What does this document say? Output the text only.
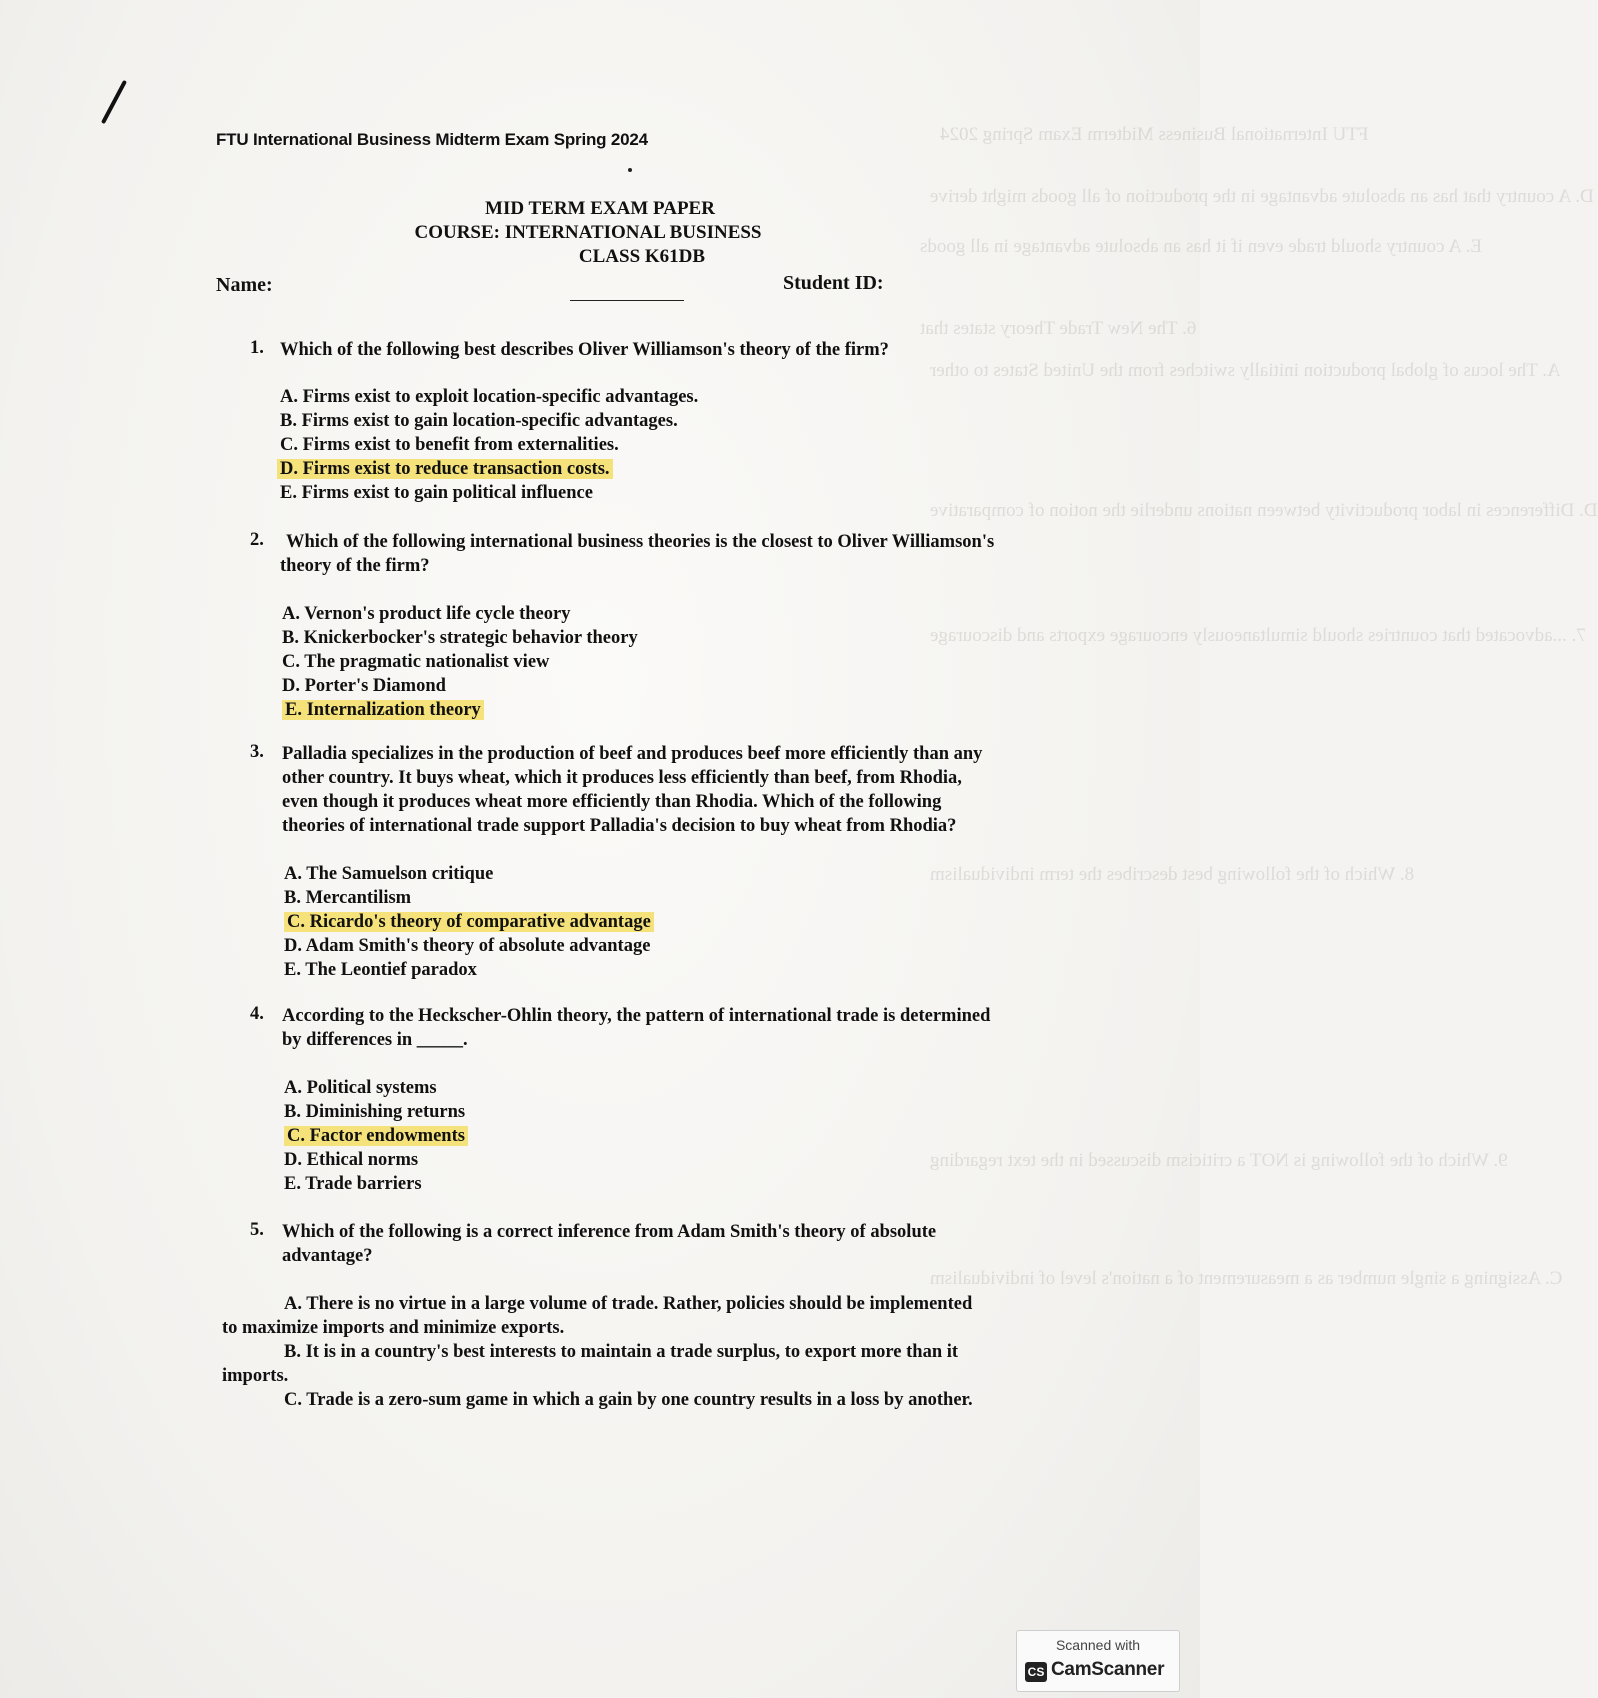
FTU International Business Midterm Exam Spring 2024
D. A country that has an absolute advantage in the production of all goods might derive
E. A country should trade even if it has an absolute advantage in all goods
6. The New Trade Theory states that
A. The locus of global production initially switches from the United States to other
D. Differences in labor productivity between nations underlie the notion of comparative
7. ...advocated that countries should simultaneously encourage exports and discourage
8. Which of the following best describes the term individualism
9. Which of the following is NOT a criticism discussed in the text regarding
C. Assigning a single number as a measurement of a nation's level of individualism
FTU International Business Midterm Exam Spring 2024
MID TERM EXAM PAPER
COURSE: INTERNATIONAL BUSINESS
CLASS K61DB
Name:	Student ID:
1. Which of the following best describes Oliver Williamson's theory of the firm?
A. Firms exist to exploit location-specific advantages.
B. Firms exist to gain location-specific advantages.
C. Firms exist to benefit from externalities.
D. Firms exist to reduce transaction costs.
E. Firms exist to gain political influence
2. Which of the following international business theories is the closest to Oliver Williamson's
theory of the firm?
A. Vernon's product life cycle theory
B. Knickerbocker's strategic behavior theory
C. The pragmatic nationalist view
D. Porter's Diamond
E. Internalization theory
3. Palladia specializes in the production of beef and produces beef more efficiently than any
other country. It buys wheat, which it produces less efficiently than beef, from Rhodia,
even though it produces wheat more efficiently than Rhodia. Which of the following
theories of international trade support Palladia's decision to buy wheat from Rhodia?
A. The Samuelson critique
B. Mercantilism
C. Ricardo's theory of comparative advantage
D. Adam Smith's theory of absolute advantage
E. The Leontief paradox
4. According to the Heckscher-Ohlin theory, the pattern of international trade is determined
by differences in _____.
A. Political systems
B. Diminishing returns
C. Factor endowments
D. Ethical norms
E. Trade barriers
5. Which of the following is a correct inference from Adam Smith's theory of absolute
advantage?
A. There is no virtue in a large volume of trade. Rather, policies should be implemented
to maximize imports and minimize exports.
B. It is in a country's best interests to maintain a trade surplus, to export more than it
imports.
C. Trade is a zero-sum game in which a gain by one country results in a loss by another.
Scanned with
CS CamScanner
